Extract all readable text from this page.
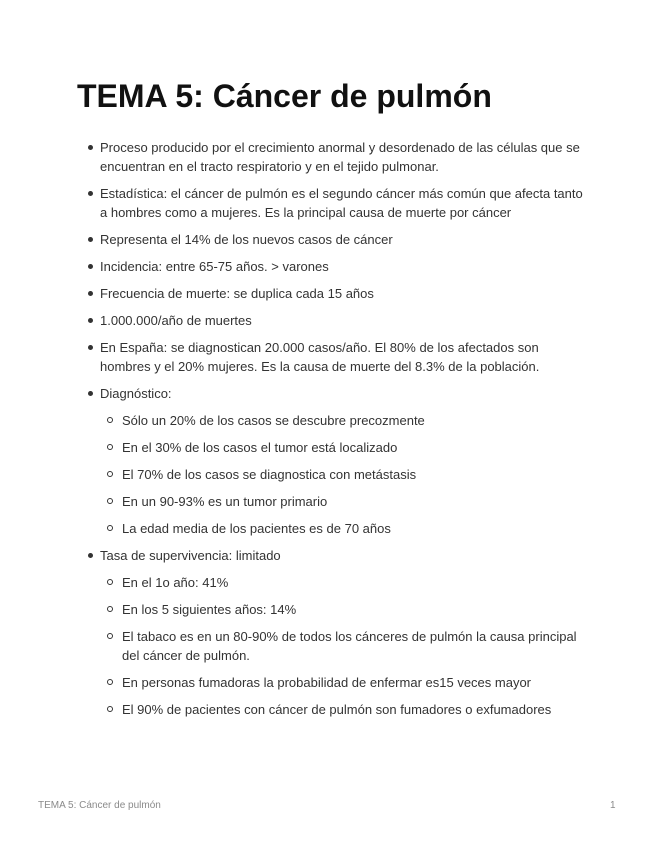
TEMA 5: Cáncer de pulmón
Proceso producido por el crecimiento anormal y desordenado de las células que se encuentran en el tracto respiratorio y en el tejido pulmonar.
Estadística: el cáncer de pulmón es el segundo cáncer más común que afecta tanto a hombres como a mujeres. Es la principal causa de muerte por cáncer
Representa el 14% de los nuevos casos de cáncer
Incidencia: entre 65-75 años. > varones
Frecuencia de muerte: se duplica cada 15 años
1.000.000/año de muertes
En España: se diagnostican 20.000 casos/año. El 80% de los afectados son hombres y el 20% mujeres. Es la causa de muerte del 8.3% de la población.
Diagnóstico:
Sólo un 20% de los casos se descubre precozmente
En el 30% de los casos el tumor está localizado
El 70% de los casos se diagnostica con metástasis
En un 90-93% es un tumor primario
La edad media de los pacientes es de 70 años
Tasa de supervivencia: limitado
En el 1o año: 41%
En los 5 siguientes años: 14%
El tabaco es en un 80-90% de todos los cánceres de pulmón la causa principal del cáncer de pulmón.
En personas fumadoras la probabilidad de enfermar es15 veces mayor
El 90% de pacientes con cáncer de pulmón son fumadores o exfumadores
TEMA 5: Cáncer de pulmón	1
